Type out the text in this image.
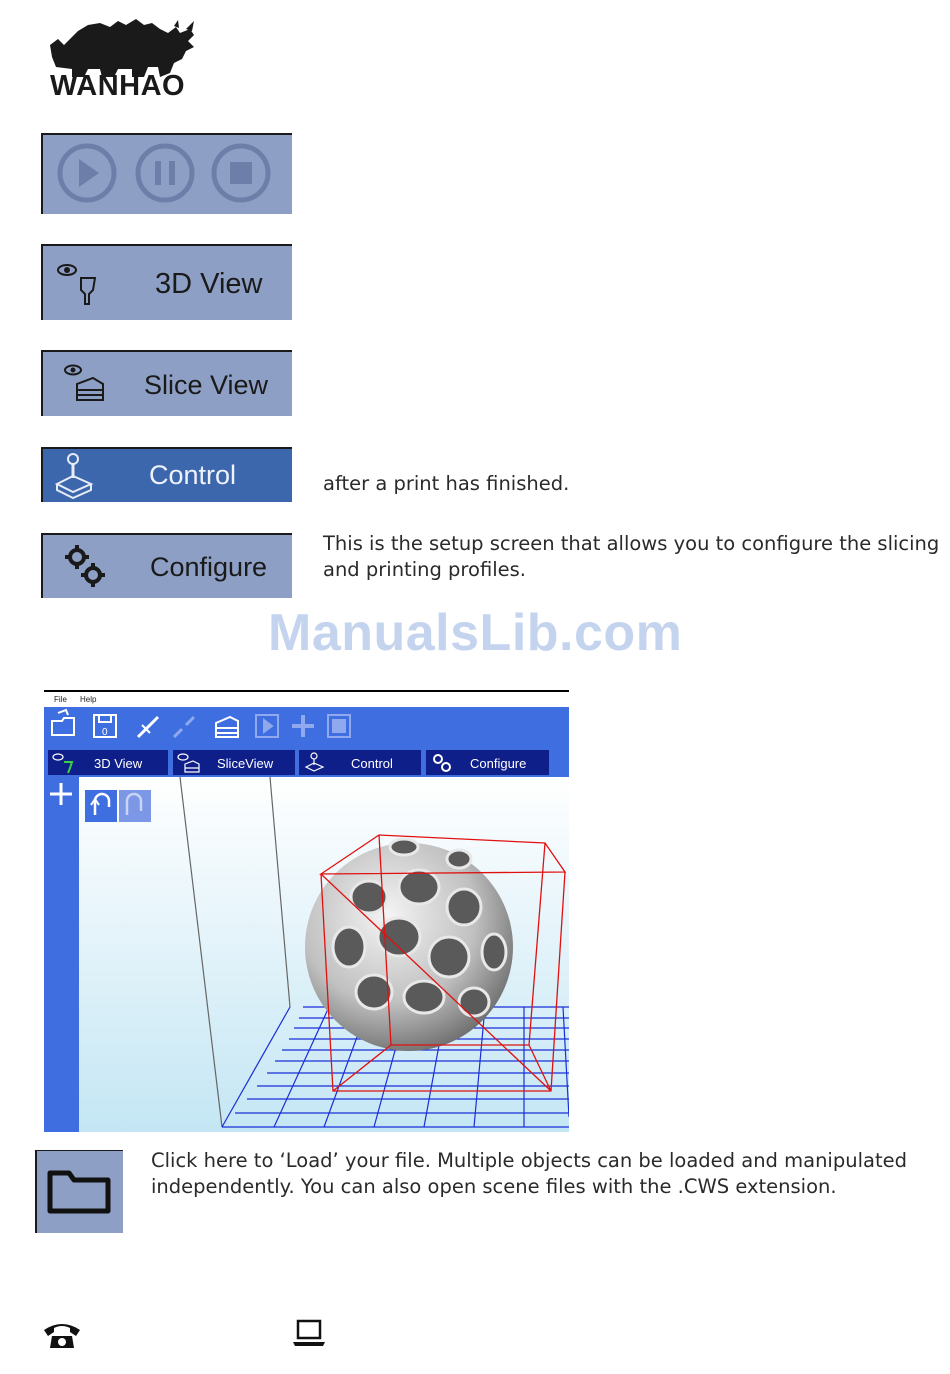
WANHAO
3D View
Slice View
Control	after a print has finished.
Configure
This is the setup screen that allows you to configure the slicing and printing profiles.
ManualsLib.com
File Help
0
3D View	SliceView	Control	Configure
Click here to ‘Load’ your file. Multiple objects can be loaded and manipulated independently. You can also open scene files with the .CWS extension.
